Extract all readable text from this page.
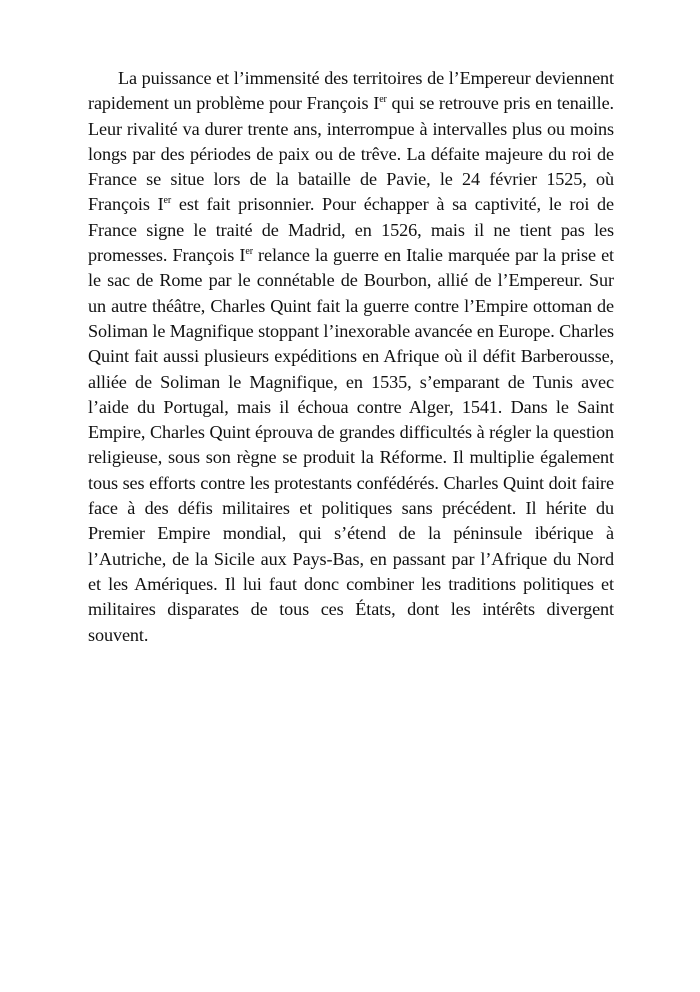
La puissance et l’immensité des territoires de l’Empereur deviennent rapidement un problème pour François Ier qui se retrouve pris en tenaille. Leur rivalité va durer trente ans, interrompue à intervalles plus ou moins longs par des périodes de paix ou de trêve. La défaite majeure du roi de France se situe lors de la bataille de Pavie, le 24 février 1525, où François Ier est fait prisonnier. Pour échapper à sa captivité, le roi de France signe le traité de Madrid, en 1526, mais il ne tient pas les promesses. François Ier relance la guerre en Italie marquée par la prise et le sac de Rome par le connétable de Bourbon, allié de l’Empereur. Sur un autre théâtre, Charles Quint fait la guerre contre l’Empire ottoman de Soliman le Magnifique stoppant l’inexorable avancée en Europe. Charles Quint fait aussi plusieurs expéditions en Afrique où il défit Barberousse, alliée de Soliman le Magnifique, en 1535, s’emparant de Tunis avec l’aide du Portugal, mais il échoua contre Alger, 1541. Dans le Saint Empire, Charles Quint éprouva de grandes difficultés à régler la question religieuse, sous son règne se produit la Réforme. Il multiplie également tous ses efforts contre les protestants confédérés. Charles Quint doit faire face à des défis militaires et politiques sans précédent. Il hérite du Premier Empire mondial, qui s’étend de la péninsule ibérique à l’Autriche, de la Sicile aux Pays-Bas, en passant par l’Afrique du Nord et les Amériques. Il lui faut donc combiner les traditions politiques et militaires disparates de tous ces États, dont les intérêts divergent souvent.
